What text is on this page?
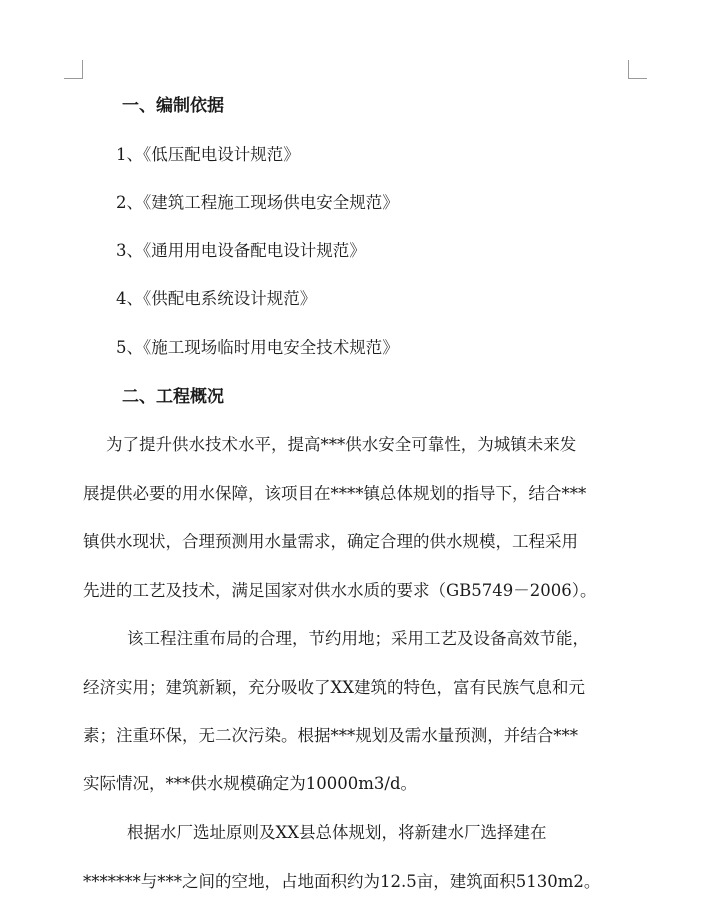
一、编制依据
1、《低压配电设计规范》
2、《建筑工程施工现场供电安全规范》
3、《通用用电设备配电设计规范》
4、《供配电系统设计规范》
5、《施工现场临时用电安全技术规范》
二、工程概况
为了提升供水技术水平，提高***供水安全可靠性，为城镇未来发
展提供必要的用水保障，该项目在****镇总体规划的指导下，结合***
镇供水现状，合理预测用水量需求，确定合理的供水规模，工程采用
先进的工艺及技术，满足国家对供水水质的要求（GB5749－2006）。
该工程注重布局的合理，节约用地；采用工艺及设备高效节能，
经济实用；建筑新颖，充分吸收了XX建筑的特色，富有民族气息和元
素；注重环保，无二次污染。根据***规划及需水量预测，并结合***
实际情况，***供水规模确定为10000m3/d。
根据水厂选址原则及XX县总体规划，将新建水厂选择建在
*******与***之间的空地，占地面积约为12.5亩，建筑面积5130m2。
